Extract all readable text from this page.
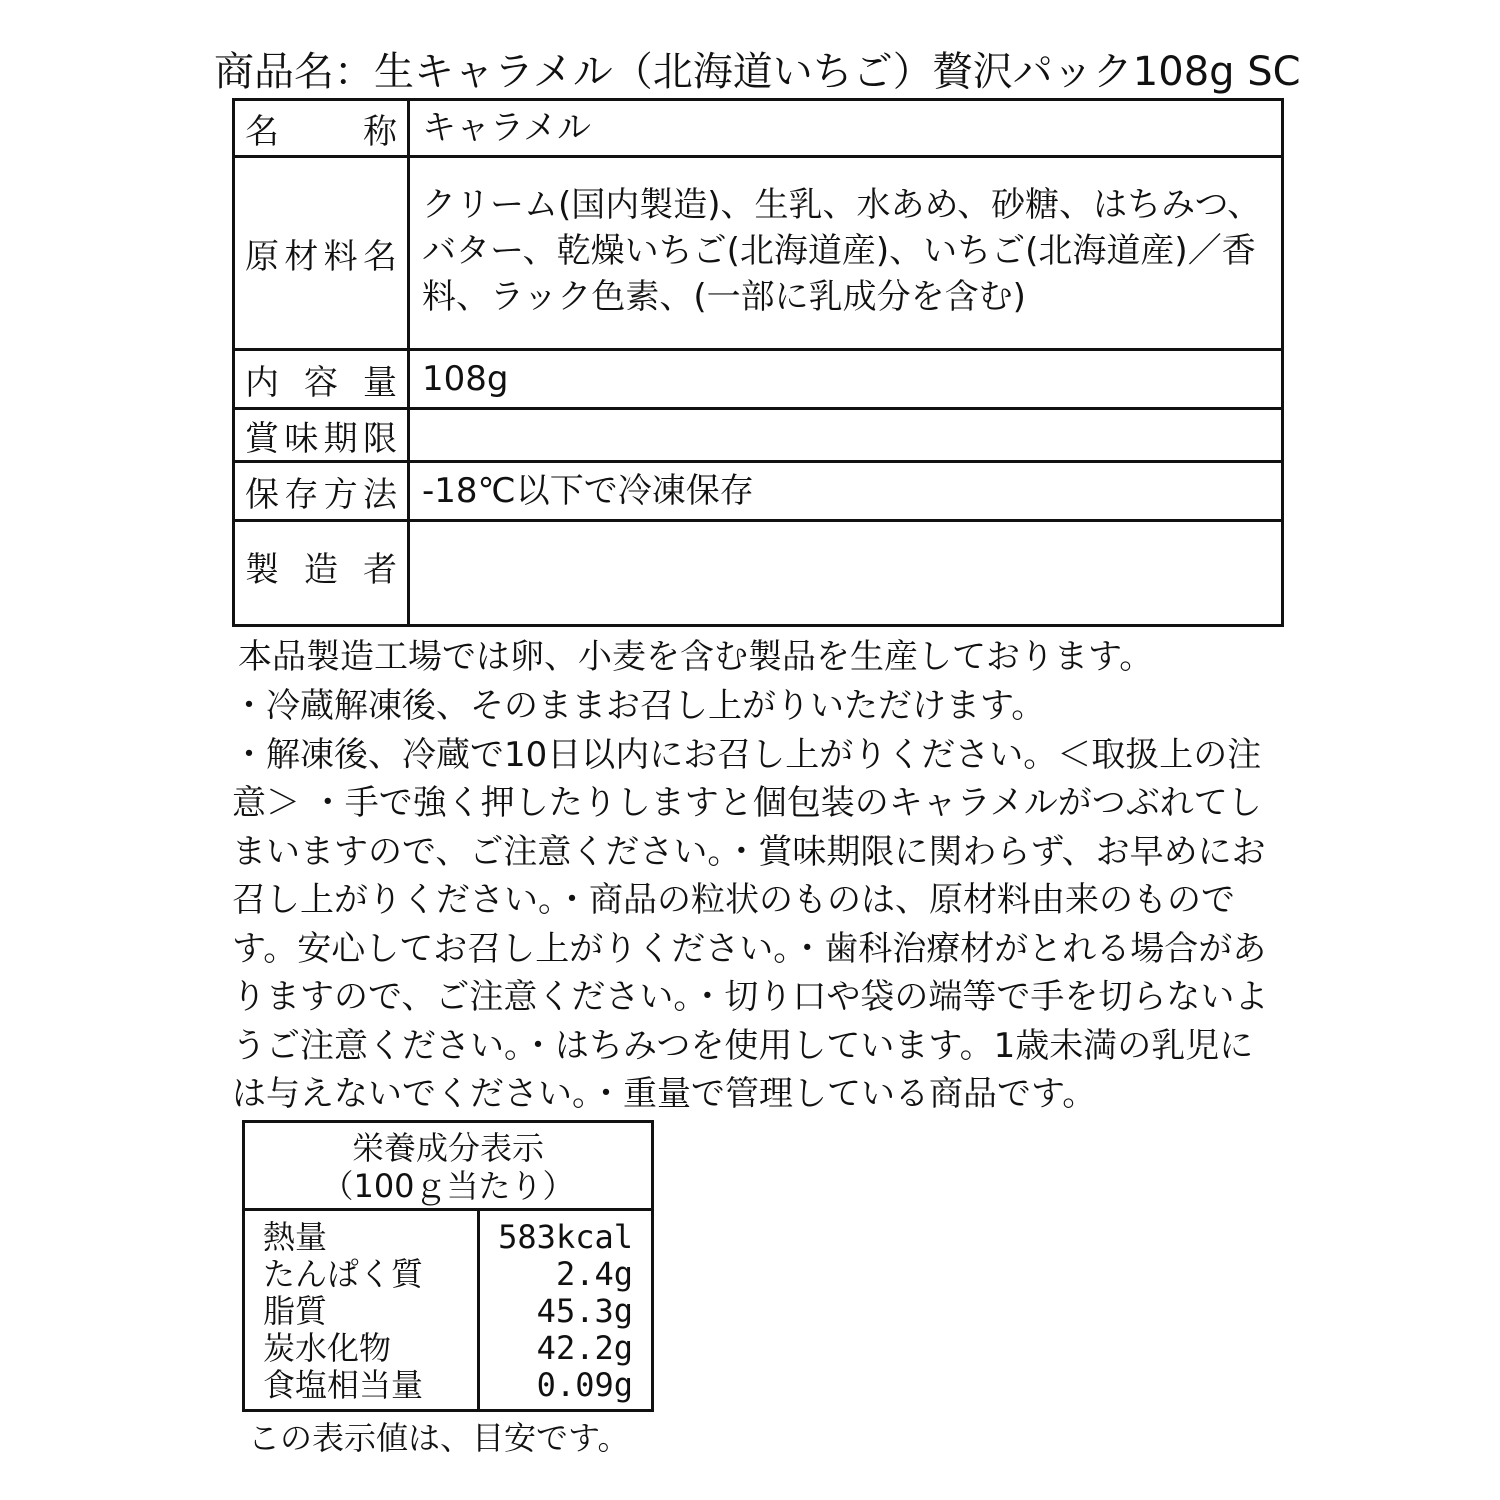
商品名：生キャラメル（北海道いちご）贅沢パック108g SC
名称	キャラメル

原材料名	クリーム(国内製造)、生乳、水あめ、砂糖、はちみつ、バター、乾燥いちご(北海道産)、いちご(北海道産)／香料、ラック色素、(一部に乳成分を含む)

内容量	108g

賞味期限	

保存方法	-18℃以下で冷凍保存

製造者	

本品製造工場では卵、小麦を含む製品を生産しております。

・冷蔵解凍後、そのままお召し上がりいただけます。

・解凍後、冷蔵で10日以内にお召し上がりください。＜取扱上の注意＞ ・手で強く押したりしますと個包装のキャラメルがつぶれてしまいますので、ご注意ください。・賞味期限に関わらず、お早めにお召し上がりください。・商品の粒状のものは、原材料由来のものです。安心してお召し上がりください。・歯科治療材がとれる場合がありますので、ご注意ください。・切り口や袋の端等で手を切らないようご注意ください。・はちみつを使用しています。1歳未満の乳児には与えないでください。・重量で管理している商品です。

栄養成分表示
（100ｇ当たり）
熱量	583kcal
たんぱく質	2.4g
脂質	45.3g
炭水化物	42.2g
食塩相当量	0.09g
この表示値は、目安です。
